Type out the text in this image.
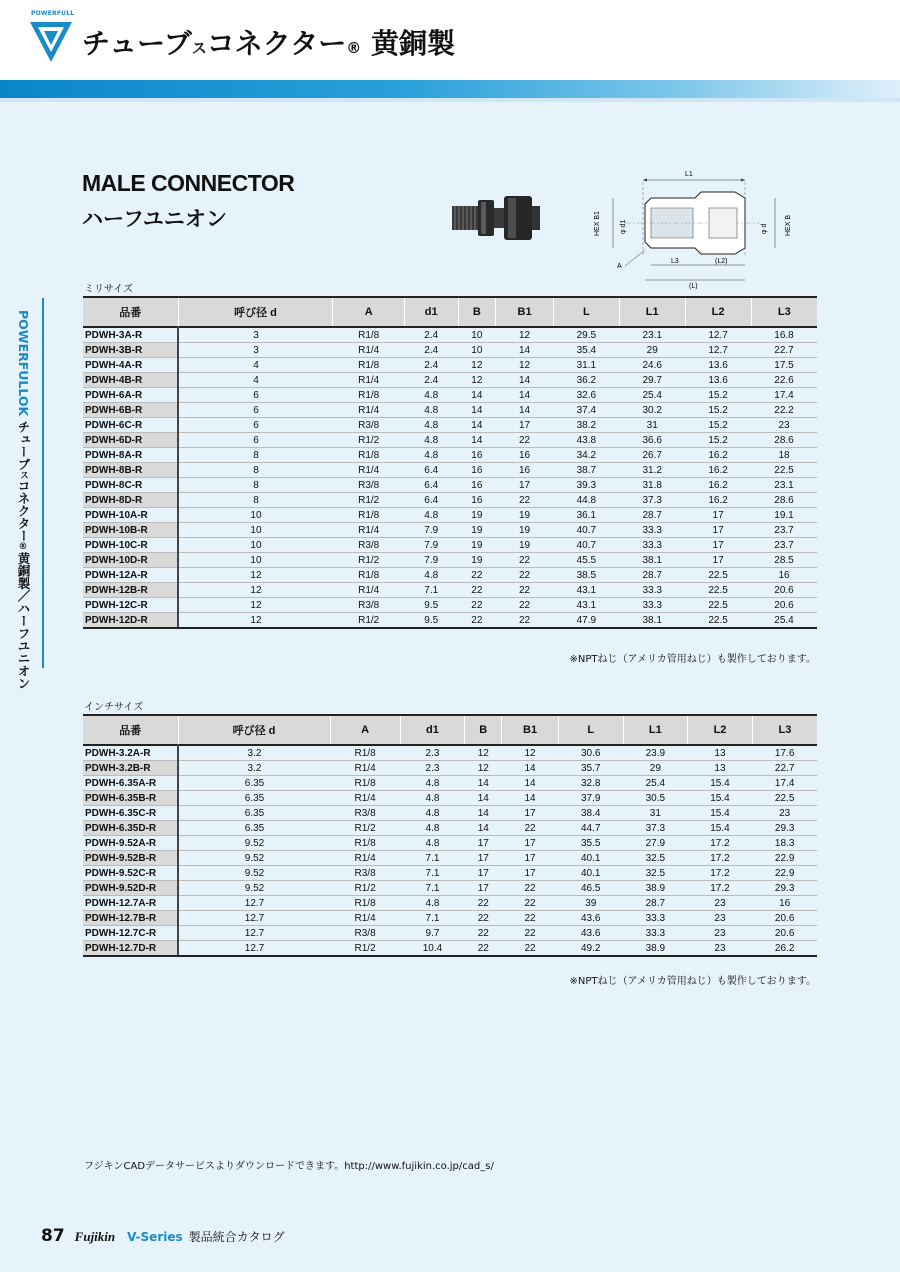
POWERFULL
チューブスコネクター® 黄銅製
POWERFULLOK チューブスコネクター®黄銅製／ハーフユニオン
MALE CONNECTOR
ハーフユニオン
L1
HEX B1	φ d1	φ d HEX B
A
L3	(L2)
(L)
ミリサイズ
品番	呼び径 d	A	d1	B	B1	L	L1	L2	L3
PDWH-3A-R	3	R1/8	2.4	10	12	29.5	23.1	12.7	16.8
PDWH-3B-R	3	R1/4	2.4	10	14	35.4	29	12.7	22.7
PDWH-4A-R	4	R1/8	2.4	12	12	31.1	24.6	13.6	17.5
PDWH-4B-R	4	R1/4	2.4	12	14	36.2	29.7	13.6	22.6
PDWH-6A-R	6	R1/8	4.8	14	14	32.6	25.4	15.2	17.4
PDWH-6B-R	6	R1/4	4.8	14	14	37.4	30.2	15.2	22.2
PDWH-6C-R	6	R3/8	4.8	14	17	38.2	31	15.2	23
PDWH-6D-R	6	R1/2	4.8	14	22	43.8	36.6	15.2	28.6
PDWH-8A-R	8	R1/8	4.8	16	16	34.2	26.7	16.2	18
PDWH-8B-R	8	R1/4	6.4	16	16	38.7	31.2	16.2	22.5
PDWH-8C-R	8	R3/8	6.4	16	17	39.3	31.8	16.2	23.1
PDWH-8D-R	8	R1/2	6.4	16	22	44.8	37.3	16.2	28.6
PDWH-10A-R	10	R1/8	4.8	19	19	36.1	28.7	17	19.1
PDWH-10B-R	10	R1/4	7.9	19	19	40.7	33.3	17	23.7
PDWH-10C-R	10	R3/8	7.9	19	19	40.7	33.3	17	23.7
PDWH-10D-R	10	R1/2	7.9	19	22	45.5	38.1	17	28.5
PDWH-12A-R	12	R1/8	4.8	22	22	38.5	28.7	22.5	16
PDWH-12B-R	12	R1/4	7.1	22	22	43.1	33.3	22.5	20.6
PDWH-12C-R	12	R3/8	9.5	22	22	43.1	33.3	22.5	20.6
PDWH-12D-R	12	R1/2	9.5	22	22	47.9	38.1	22.5	25.4
※NPTねじ（アメリカ管用ねじ）も製作しております。
インチサイズ
品番	呼び径 d	A	d1	B	B1	L	L1	L2	L3
PDWH-3.2A-R	3.2	R1/8	2.3	12	12	30.6	23.9	13	17.6
PDWH-3.2B-R	3.2	R1/4	2.3	12	14	35.7	29	13	22.7
PDWH-6.35A-R	6.35	R1/8	4.8	14	14	32.8	25.4	15.4	17.4
PDWH-6.35B-R	6.35	R1/4	4.8	14	14	37.9	30.5	15.4	22.5
PDWH-6.35C-R	6.35	R3/8	4.8	14	17	38.4	31	15.4	23
PDWH-6.35D-R	6.35	R1/2	4.8	14	22	44.7	37.3	15.4	29.3
PDWH-9.52A-R	9.52	R1/8	4.8	17	17	35.5	27.9	17.2	18.3
PDWH-9.52B-R	9.52	R1/4	7.1	17	17	40.1	32.5	17.2	22.9
PDWH-9.52C-R	9.52	R3/8	7.1	17	17	40.1	32.5	17.2	22.9
PDWH-9.52D-R	9.52	R1/2	7.1	17	22	46.5	38.9	17.2	29.3
PDWH-12.7A-R	12.7	R1/8	4.8	22	22	39	28.7	23	16
PDWH-12.7B-R	12.7	R1/4	7.1	22	22	43.6	33.3	23	20.6
PDWH-12.7C-R	12.7	R3/8	9.7	22	22	43.6	33.3	23	20.6
PDWH-12.7D-R	12.7	R1/2	10.4	22	22	49.2	38.9	23	26.2
※NPTねじ（アメリカ管用ねじ）も製作しております。
フジキンCADデータサービスよりダウンロードできます。http://www.fujikin.co.jp/cad_s/
87 Fujikin V-Series 製品統合カタログ
